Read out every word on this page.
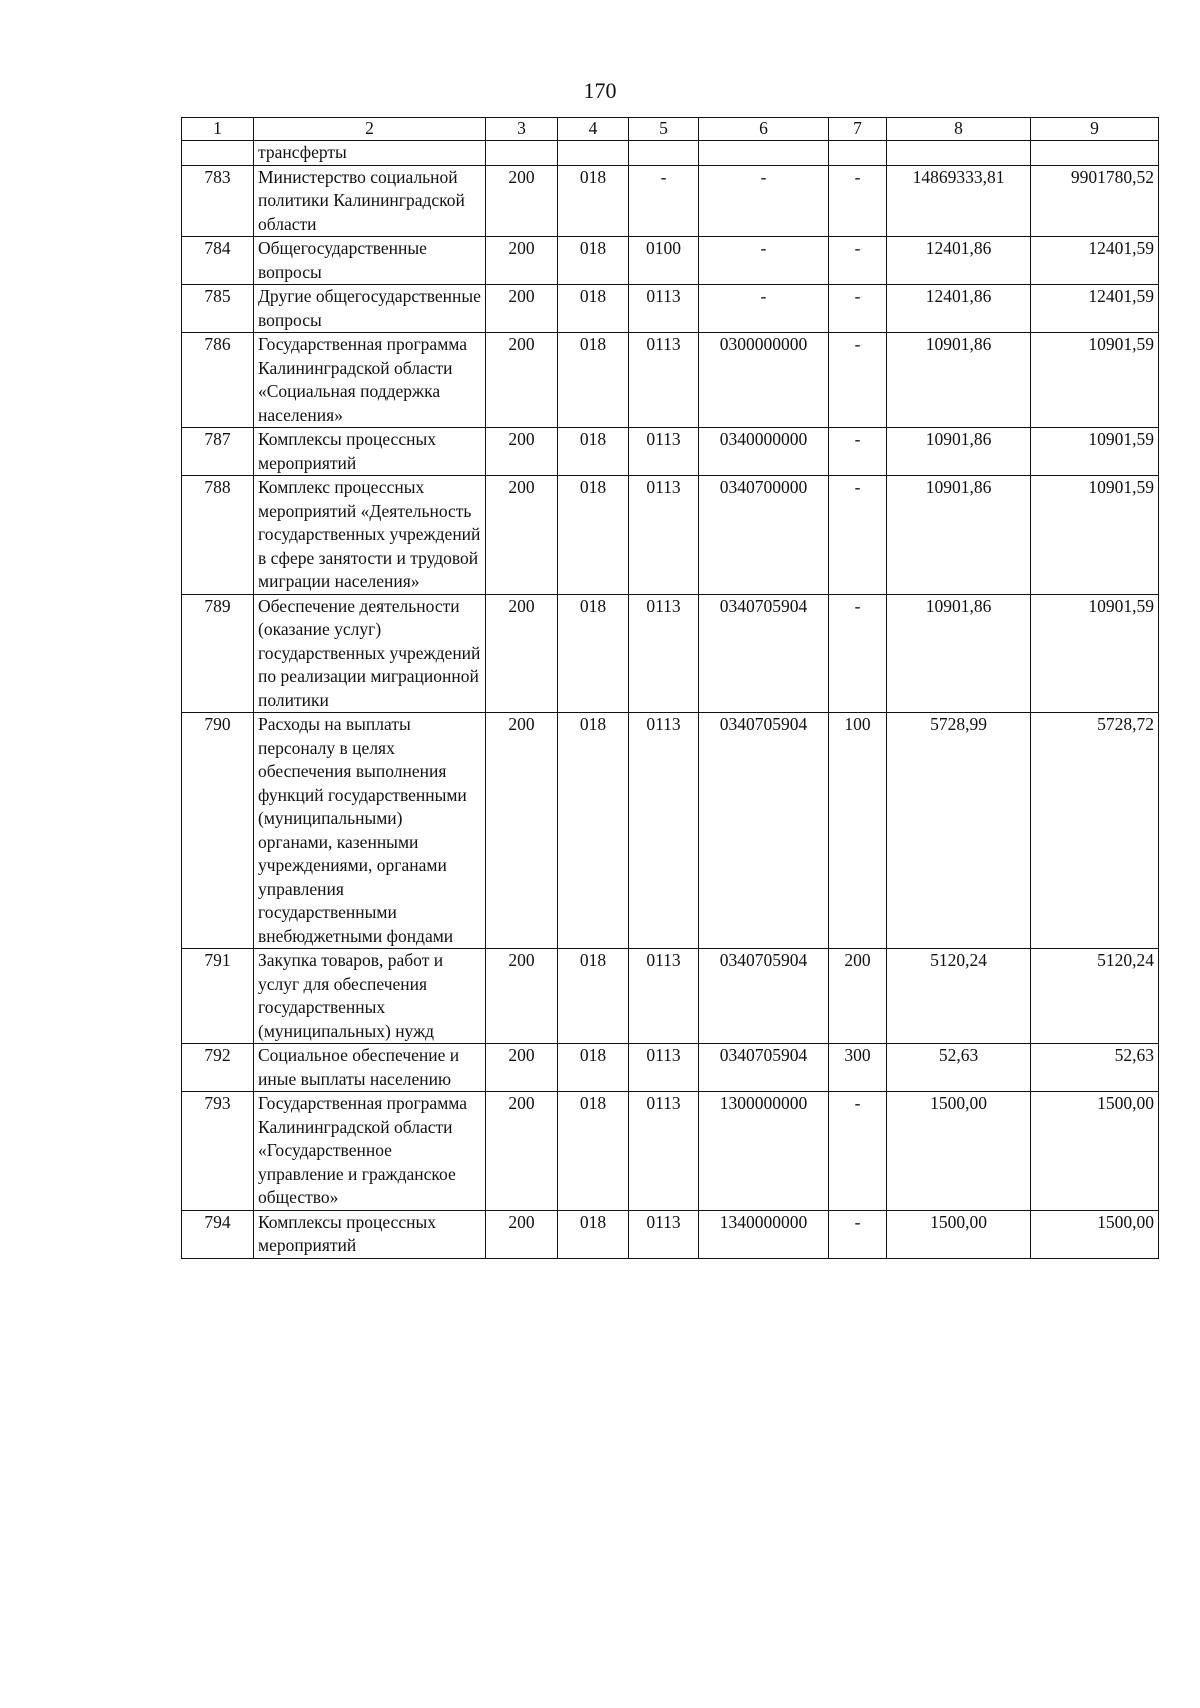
170
1	2	3	4	5	6	7	8	9
	трансферты							
783	Министерство социальной политики Калининградской области	200	018	-	-	-	14869333,81	9901780,52
784	Общегосударственные вопросы	200	018	0100	-	-	12401,86	12401,59
785	Другие общегосударственные вопросы	200	018	0113	-	-	12401,86	12401,59
786	Государственная программа Калининградской области «Социальная поддержка населения»	200	018	0113	0300000000	-	10901,86	10901,59
787	Комплексы процессных мероприятий	200	018	0113	0340000000	-	10901,86	10901,59
788	Комплекс процессных мероприятий «Деятельность государственных учреждений в сфере занятости и трудовой миграции населения»	200	018	0113	0340700000	-	10901,86	10901,59
789	Обеспечение деятельности (оказание услуг) государственных учреждений по реализации миграционной политики	200	018	0113	0340705904	-	10901,86	10901,59
790	Расходы на выплаты персоналу в целях обеспечения выполнения функций государственными (муниципальными) органами, казенными учреждениями, органами управления государственными внебюджетными фондами	200	018	0113	0340705904	100	5728,99	5728,72
791	Закупка товаров, работ и услуг для обеспечения государственных (муниципальных) нужд	200	018	0113	0340705904	200	5120,24	5120,24
792	Социальное обеспечение и иные выплаты населению	200	018	0113	0340705904	300	52,63	52,63
793	Государственная программа Калининградской области «Государственное управление и гражданское общество»	200	018	0113	1300000000	-	1500,00	1500,00
794	Комплексы процессных мероприятий	200	018	0113	1340000000	-	1500,00	1500,00
